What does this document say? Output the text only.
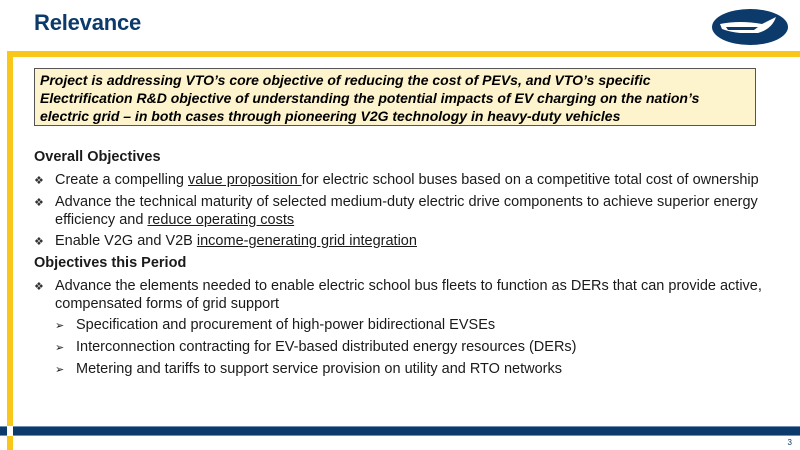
Relevance
3
Project is addressing VTO’s core objective of reducing the cost of PEVs, and VTO’s specific
Electrification R&D objective of understanding the potential impacts of EV charging on the nation’s
electric grid – in both cases through pioneering V2G technology in heavy-duty vehicles
Overall Objectives
❖ Create a compelling value proposition for electric school buses based on a competitive total cost of ownership
❖ Advance the technical maturity of selected medium-duty electric drive components to achieve superior energy efficiency and reduce operating costs
❖ Enable V2G and V2B income-generating grid integration
Objectives this Period
❖ Advance the elements needed to enable electric school bus fleets to function as DERs that can provide active, compensated forms of grid support
➢ Specification and procurement of high-power bidirectional EVSEs
➢ Interconnection contracting for EV-based distributed energy resources (DERs)
➢ Metering and tariffs to support service provision on utility and RTO networks
